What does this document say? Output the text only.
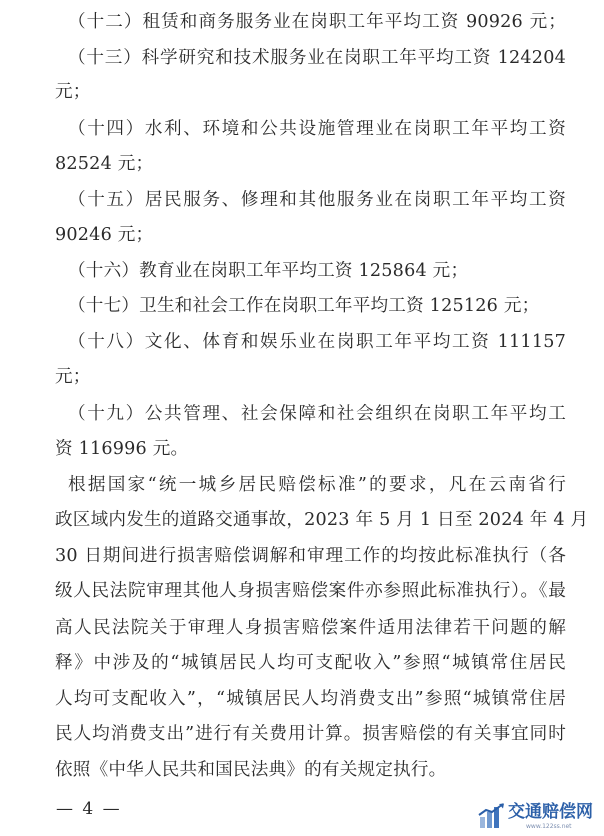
（十二）租赁和商务服务业在岗职工年平均工资 90926 元；
（十三）科学研究和技术服务业在岗职工年平均工资 124204
元；
（十四）水利、环境和公共设施管理业在岗职工年平均工资
82524 元；
（十五）居民服务、修理和其他服务业在岗职工年平均工资
90246 元；
（十六）教育业在岗职工年平均工资 125864 元；
（十七）卫生和社会工作在岗职工年平均工资 125126 元；
（十八）文化、体育和娱乐业在岗职工年平均工资 111157
元；
（十九）公共管理、社会保障和社会组织在岗职工年平均工
资 116996 元。
根据国家“统一城乡居民赔偿标准”的要求，凡在云南省行
政区域内发生的道路交通事故，2023 年 5 月 1 日至 2024 年 4 月
30 日期间进行损害赔偿调解和审理工作的均按此标准执行（各
级人民法院审理其他人身损害赔偿案件亦参照此标准执行）。《最
高人民法院关于审理人身损害赔偿案件适用法律若干问题的解
释》中涉及的“城镇居民人均可支配收入”参照“城镇常住居民
人均可支配收入”，“城镇居民人均消费支出”参照“城镇常住居
民人均消费支出”进行有关费用计算。损害赔偿的有关事宜同时
依照《中华人民共和国民法典》的有关规定执行。
— 4 —	交通赔偿网
www.122ss.net
